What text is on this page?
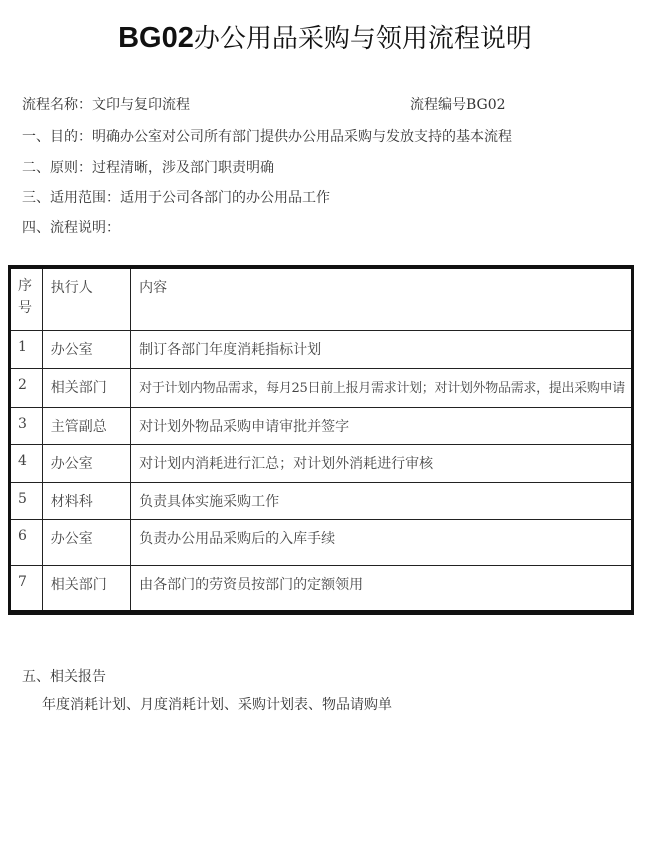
BG02办公用品采购与领用流程说明
流程名称：文印与复印流程	流程编号BG02
一、目的：明确办公室对公司所有部门提供办公用品采购与发放支持的基本流程
二、原则：过程清晰，涉及部门职责明确
三、适用范围：适用于公司各部门的办公用品工作
四、流程说明：
序号	执行人	内容
1	办公室	制订各部门年度消耗指标计划
2	相关部门	对于计划内物品需求，每月25日前上报月需求计划；对计划外物品需求，提出采购申请
3	主管副总	对计划外物品采购申请审批并签字
4	办公室	对计划内消耗进行汇总；对计划外消耗进行审核
5	材料科	负责具体实施采购工作
6	办公室	负责办公用品采购后的入库手续
7	相关部门	由各部门的劳资员按部门的定额领用
五、相关报告
年度消耗计划、月度消耗计划、采购计划表、物品请购单
